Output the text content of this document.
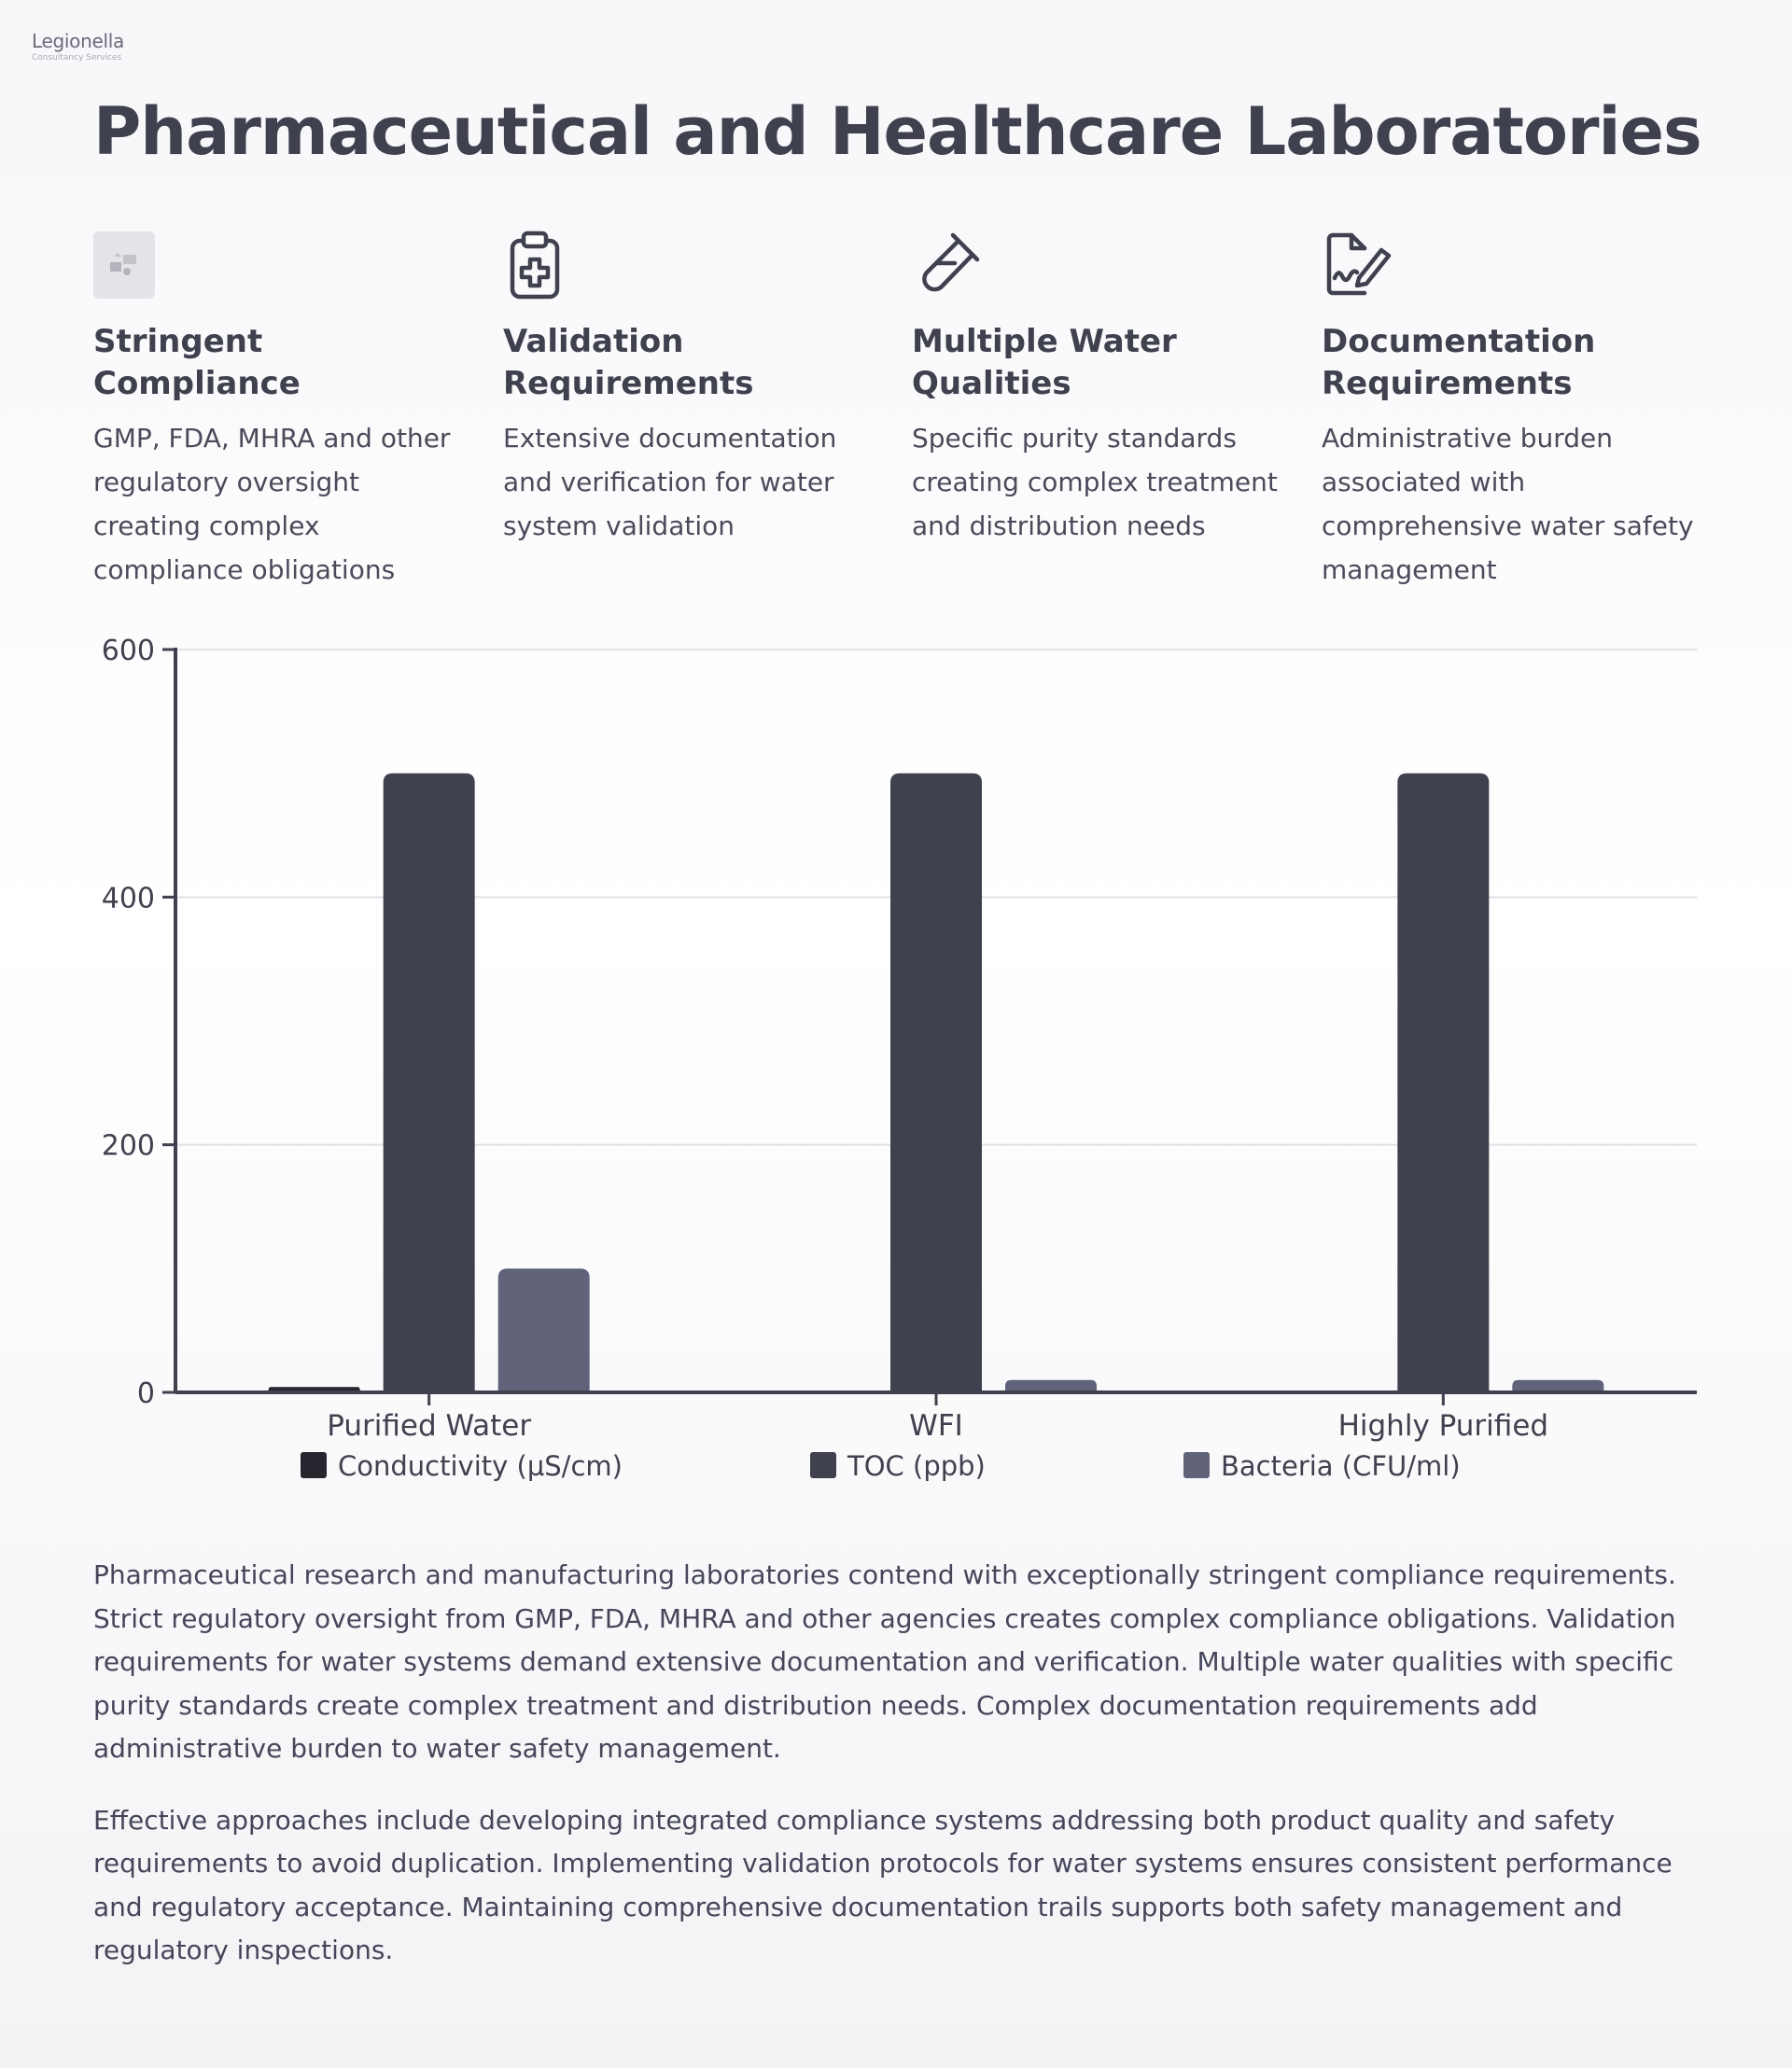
Legionella
Consultancy Services
Pharmaceutical and Healthcare Laboratories
Stringent Compliance

GMP, FDA, MHRA and other regulatory oversight creating complex compliance obligations

Validation Requirements

Extensive documentation and verification for water system validation

Multiple Water Qualities

Specific purity standards creating complex treatment and distribution needs

Documentation Requirements

Administrative burden associated with comprehensive water safety management

0
200
400
600
Purified Water	WFI	Highly Purified
Conductivity (µS/cm)	TOC (ppb)	Bacteria (CFU/ml)

Pharmaceutical research and manufacturing laboratories contend with exceptionally stringent compliance requirements. Strict regulatory oversight from GMP, FDA, MHRA and other agencies creates complex compliance obligations. Validation requirements for water systems demand extensive documentation and verification. Multiple water qualities with specific purity standards create complex treatment and distribution needs. Complex documentation requirements add administrative burden to water safety management.

Effective approaches include developing integrated compliance systems addressing both product quality and safety requirements to avoid duplication. Implementing validation protocols for water systems ensures consistent performance and regulatory acceptance. Maintaining comprehensive documentation trails supports both safety management and regulatory inspections.
